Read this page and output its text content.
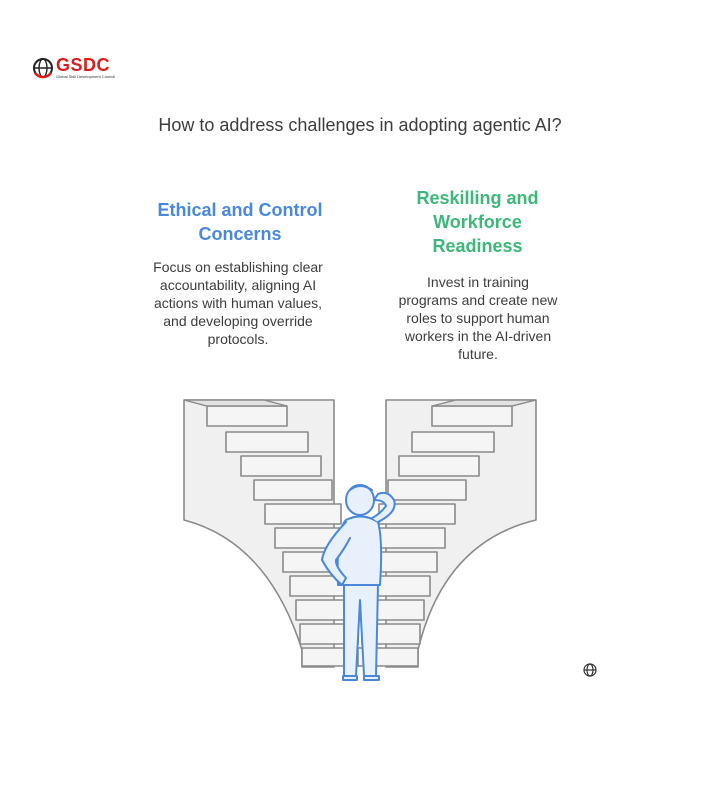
GSDC
Global Skill Development Council
How to address challenges in adopting agentic AI?
Ethical and Control Concerns
Focus on establishing clear accountability, aligning AI actions with human values, and developing override protocols.
Reskilling and Workforce Readiness
Invest in training programs and create new roles to support human workers in the AI-driven future.
